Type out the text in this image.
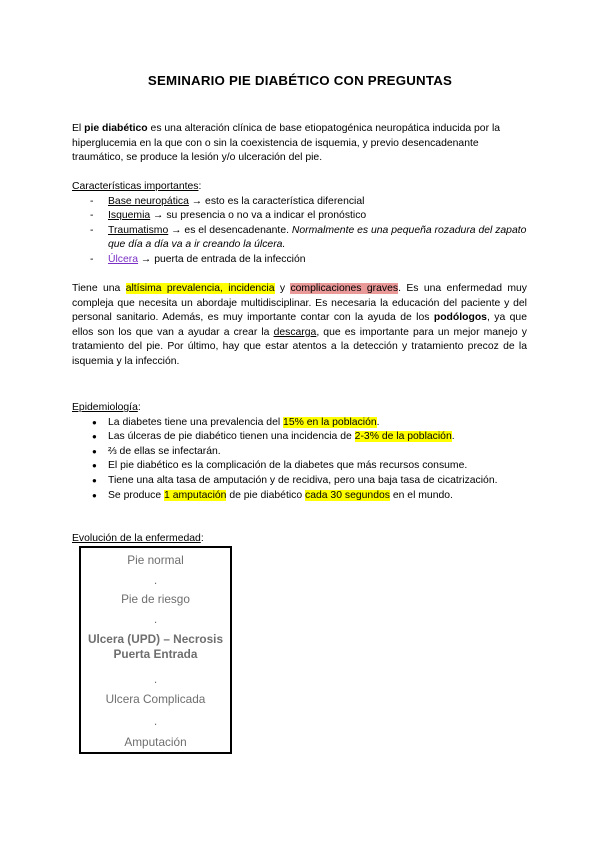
SEMINARIO PIE DIABÉTICO CON PREGUNTAS
El pie diabético es una alteración clínica de base etiopatogénica neuropática inducida por la hiperglucemia en la que con o sin la coexistencia de isquemia, y previo desencadenante traumático, se produce la lesión y/o ulceración del pie.
Características importantes:
- Base neuropática → esto es la característica diferencial
- Isquemia → su presencia o no va a indicar el pronóstico
- Traumatismo → es el desencadenante. Normalmente es una pequeña rozadura del zapato que día a día va a ir creando la úlcera.
- Úlcera → puerta de entrada de la infección
Tiene una altísima prevalencia, incidencia y complicaciones graves. Es una enfermedad muy compleja que necesita un abordaje multidisciplinar. Es necesaria la educación del paciente y del personal sanitario. Además, es muy importante contar con la ayuda de los podólogos, ya que ellos son los que van a ayudar a crear la descarga, que es importante para un mejor manejo y tratamiento del pie. Por último, hay que estar atentos a la detección y tratamiento precoz de la isquemia y la infección.
Epidemiología:
● La diabetes tiene una prevalencia del 15% en la población.
● Las úlceras de pie diabético tienen una incidencia de 2-3% de la población.
● ⅔ de ellas se infectarán.
● El pie diabético es la complicación de la diabetes que más recursos consume.
● Tiene una alta tasa de amputación y de recidiva, pero una baja tasa de cicatrización.
● Se produce 1 amputación de pie diabético cada 30 segundos en el mundo.
Evolución de la enfermedad:
Pie normal
.
Pie de riesgo
.
Ulcera (UPD) – Necrosis
Puerta Entrada
.
Ulcera Complicada
.
Amputación
